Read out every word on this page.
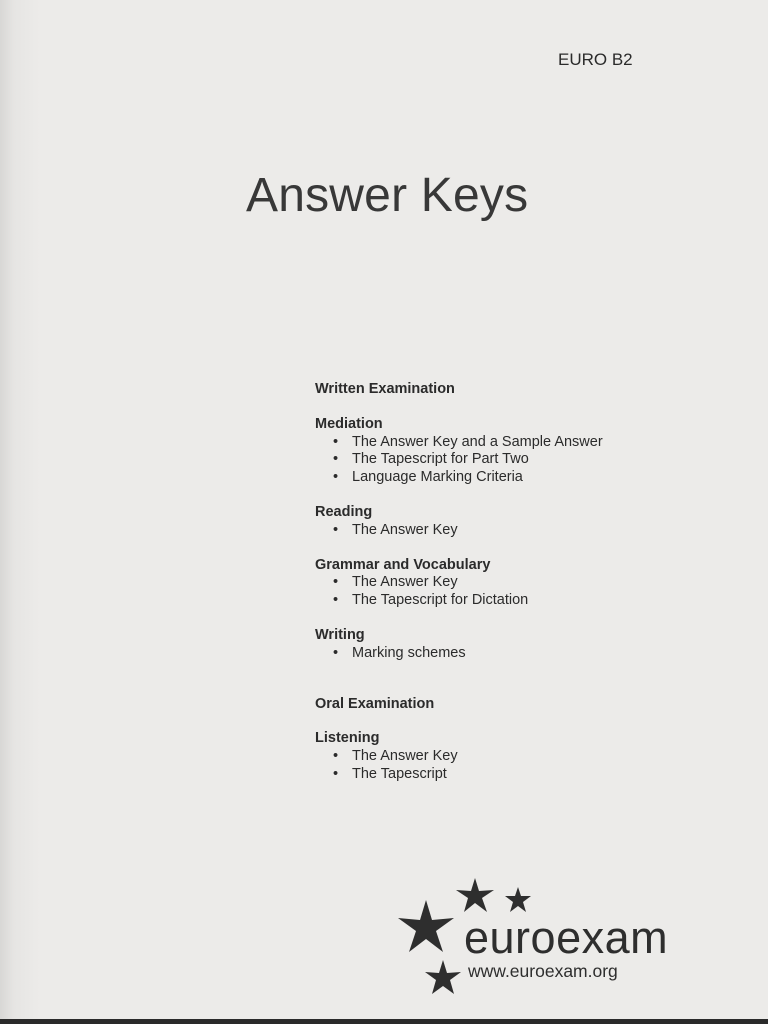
EURO B2
Answer Keys

Written Examination

Mediation

• The Answer Key and a Sample Answer
• The Tapescript for Part Two
• Language Marking Criteria

Reading

• The Answer Key

Grammar and Vocabulary

• The Answer Key
• The Tapescript for Dictation

Writing

• Marking schemes

Oral Examination

Listening

• The Answer Key
• The Tapescript
euroexam
www.euroexam.org
